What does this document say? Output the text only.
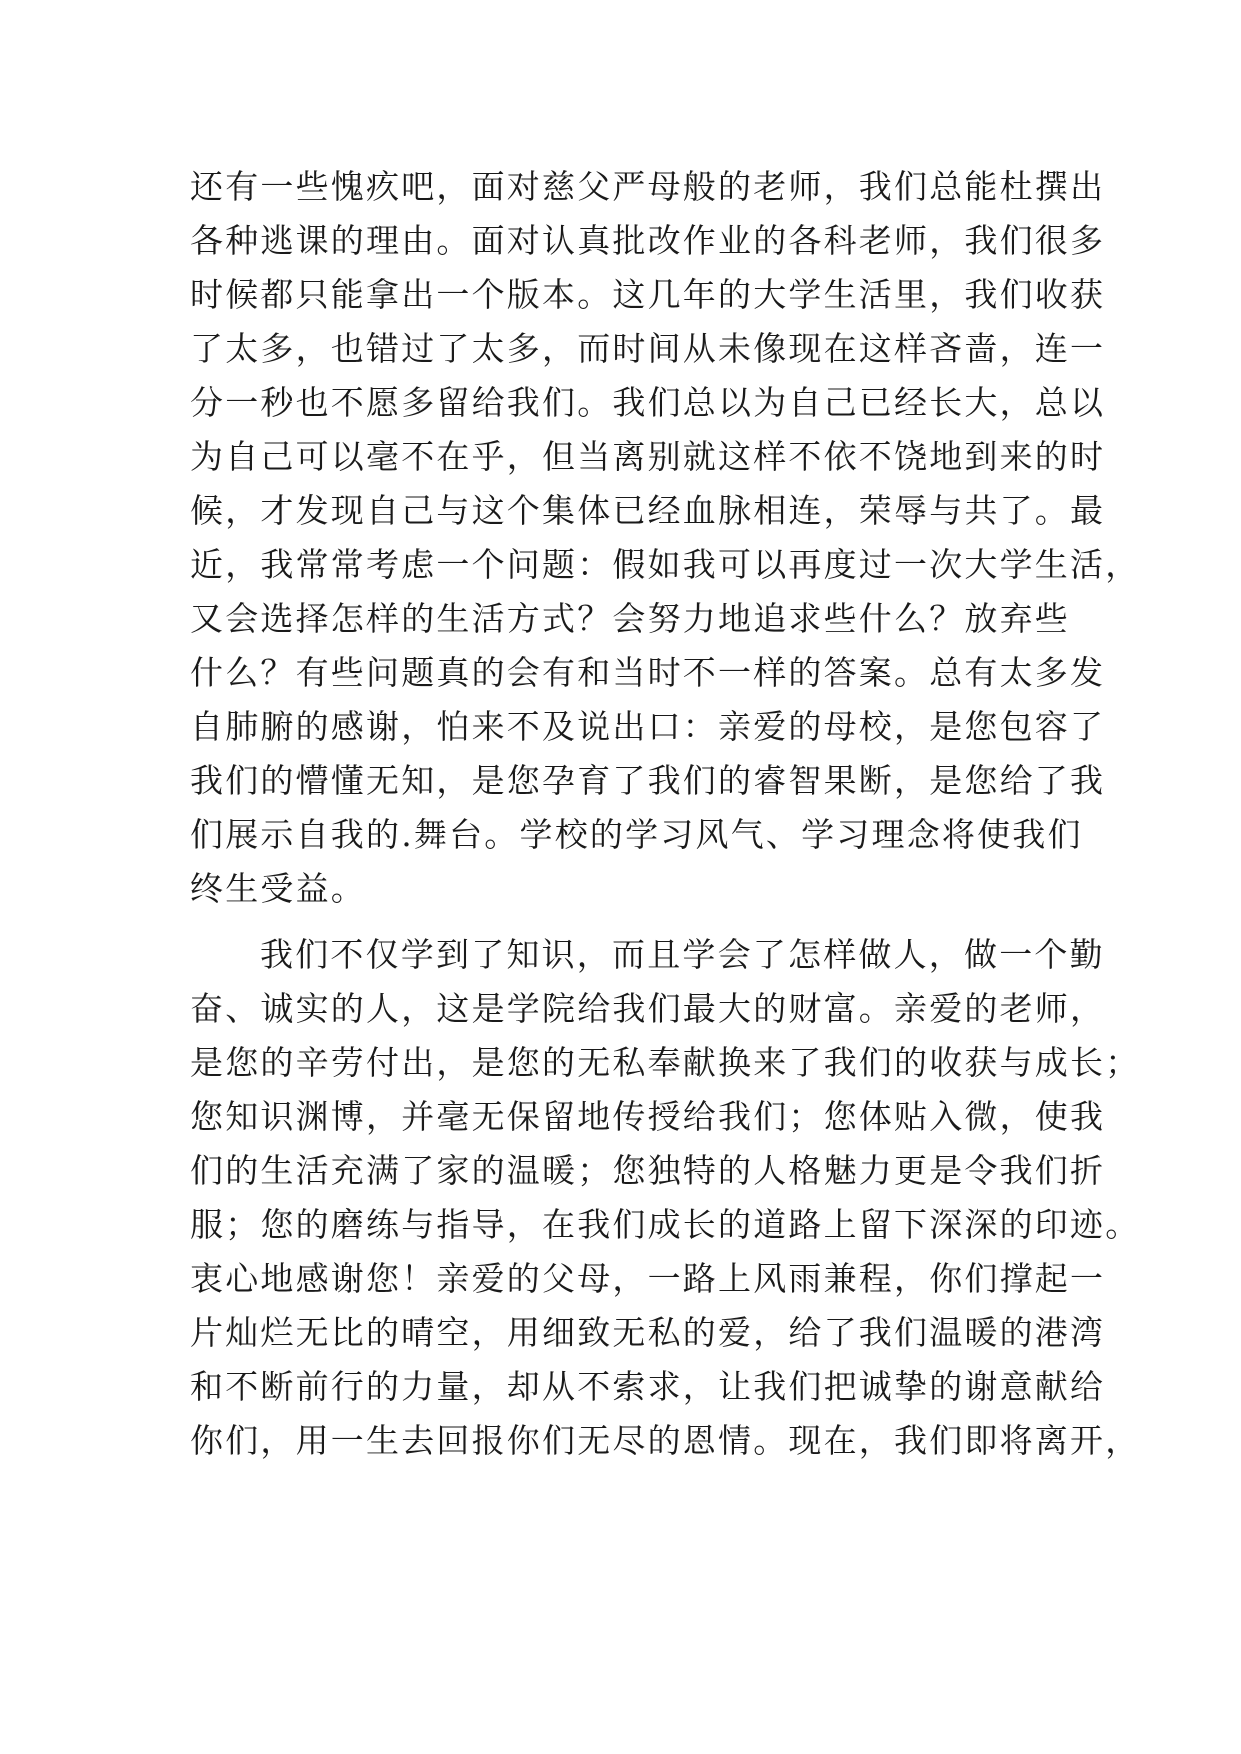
还有一些愧疚吧，面对慈父严母般的老师，我们总能杜撰出
各种逃课的理由。面对认真批改作业的各科老师，我们很多
时候都只能拿出一个版本。这几年的大学生活里，我们收获
了太多，也错过了太多，而时间从未像现在这样吝啬，连一
分一秒也不愿多留给我们。我们总以为自己已经长大，总以
为自己可以毫不在乎，但当离别就这样不依不饶地到来的时
候，才发现自己与这个集体已经血脉相连，荣辱与共了。最
近，我常常考虑一个问题：假如我可以再度过一次大学生活，
又会选择怎样的生活方式？会努力地追求些什么？放弃些
什么？有些问题真的会有和当时不一样的答案。总有太多发
自肺腑的感谢，怕来不及说出口：亲爱的母校，是您包容了
我们的懵懂无知，是您孕育了我们的睿智果断，是您给了我
们展示自我的.舞台。学校的学习风气、学习理念将使我们
终生受益。
我们不仅学到了知识，而且学会了怎样做人，做一个勤
奋、诚实的人，这是学院给我们最大的财富。亲爱的老师，
是您的辛劳付出，是您的无私奉献换来了我们的收获与成长；
您知识渊博，并毫无保留地传授给我们；您体贴入微，使我
们的生活充满了家的温暖；您独特的人格魅力更是令我们折
服；您的磨练与指导，在我们成长的道路上留下深深的印迹。
衷心地感谢您！亲爱的父母，一路上风雨兼程，你们撑起一
片灿烂无比的晴空，用细致无私的爱，给了我们温暖的港湾
和不断前行的力量，却从不索求，让我们把诚挚的谢意献给
你们，用一生去回报你们无尽的恩情。现在，我们即将离开，
